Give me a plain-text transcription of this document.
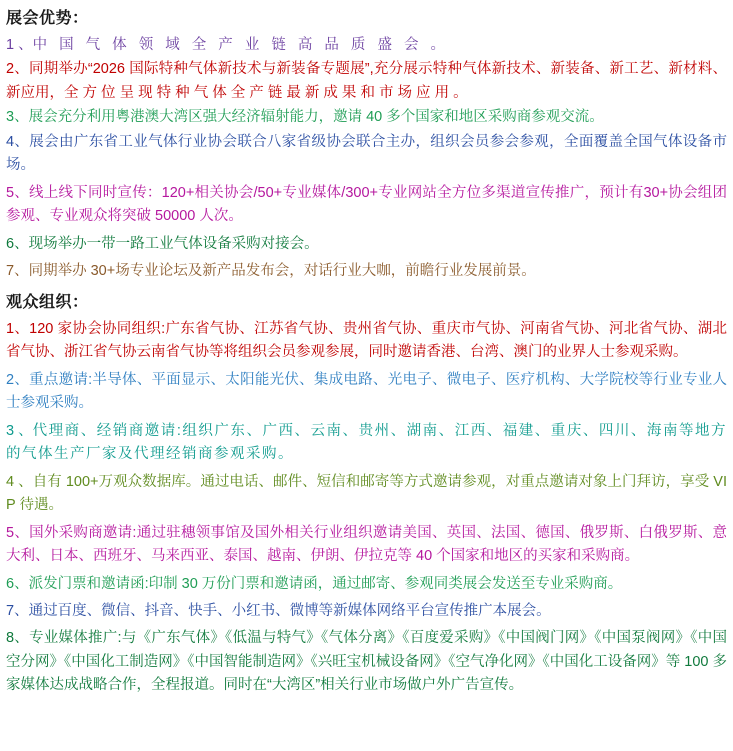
展会优势：

1 、中 国 气 体 领 域 全 产 业 链 高 品 质 盛 会 。

2、同期举办“2026 国际特种气体新技术与新装备专题展”,充分展示特种气体新技术、新装备、新工艺、新材料、新应用，全 方 位 呈 现 特 种 气 体 全 产 链 最 新 成 果 和 市 场 应 用 。

3、展会充分利用粤港澳大湾区强大经济辐射能力，邀请 40 多个国家和地区采购商参观交流。

4、展会由广东省工业气体行业协会联合八家省级协会联合主办，组织会员参会参观，全面覆盖全国气体设备市场。

5、线上线下同时宣传：120+相关协会/50+专业媒体/300+专业网站全方位多渠道宣传推广，预计有30+协会组团参观、专业观众将突破 50000 人次。

6、现场举办一带一路工业气体设备采购对接会。

7、同期举办 30+场专业论坛及新产品发布会，对话行业大咖，前瞻行业发展前景。

观众组织：

1、120 家协会协同组织:广东省气协、江苏省气协、贵州省气协、重庆市气协、河南省气协、河北省气协、湖北省气协、浙江省气协云南省气协等将组织会员参观参展，同时邀请香港、台湾、澳门的业界人士参观采购。

2、重点邀请:半导体、平面显示、太阳能光伏、集成电路、光电子、微电子、医疗机构、大学院校等行业专业人士参观采购。

3 、代理商、经销商邀请:组织广东、广西、云南、贵州、湖南、江西、福建、重庆、四川、海南等地方的气体生产厂家及代理经销商参观采购。

4 、自有 100+万观众数据库。通过电话、邮件、短信和邮寄等方式邀请参观，对重点邀请对象上门拜访，享受 VIP 待遇。

5、国外采购商邀请:通过驻穗领事馆及国外相关行业组织邀请美国、英国、法国、德国、俄罗斯、白俄罗斯、意大利、日本、西班牙、马来西亚、泰国、越南、伊朗、伊拉克等 40 个国家和地区的买家和采购商。

6、派发门票和邀请函:印制 30 万份门票和邀请函，通过邮寄、参观同类展会发送至专业采购商。

7、通过百度、微信、抖音、快手、小红书、微博等新媒体网络平台宣传推广本展会。

8、专业媒体推广:与《广东气体》《低温与特气》《气体分离》《百度爱采购》《中国阀门网》《中国泵阀网》《中国空分网》《中国化工制造网》《中国智能制造网》《兴旺宝机械设备网》《空气净化网》《中国化工设备网》等 100 多家媒体达成战略合作，全程报道。同时在“大湾区”相关行业市场做户外广告宣传。
